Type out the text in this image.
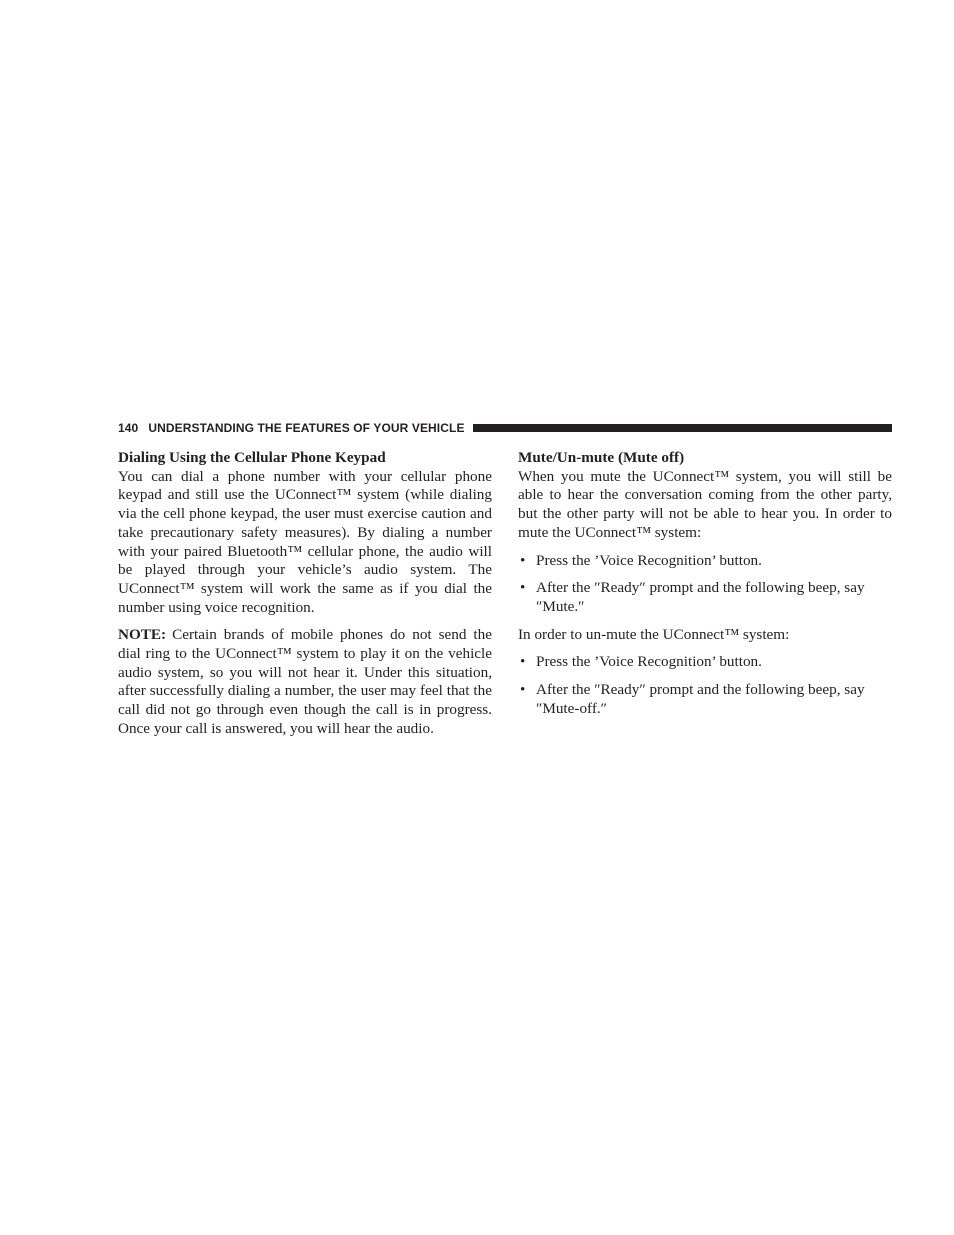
140 UNDERSTANDING THE FEATURES OF YOUR VEHICLE
Dialing Using the Cellular Phone Keypad

You can dial a phone number with your cellular phone keypad and still use the UConnect™ system (while dialing via the cell phone keypad, the user must exercise caution and take precautionary safety measures). By dialing a number with your paired Bluetooth™ cellular phone, the audio will be played through your vehicle’s audio system. The UConnect™ system will work the same as if you dial the number using voice recognition.

NOTE: Certain brands of mobile phones do not send the dial ring to the UConnect™ system to play it on the vehicle audio system, so you will not hear it. Under this situation, after successfully dialing a number, the user may feel that the call did not go through even though the call is in progress. Once your call is answered, you will hear the audio.

Mute/Un-mute (Mute off)

When you mute the UConnect™ system, you will still be able to hear the conversation coming from the other party, but the other party will not be able to hear you. In order to mute the UConnect™ system:

• Press the ’Voice Recognition’ button.
• After the ″Ready″ prompt and the following beep, say ″Mute.″

In order to un-mute the UConnect™ system:

• Press the ’Voice Recognition’ button.
• After the ″Ready″ prompt and the following beep, say ″Mute-off.″
